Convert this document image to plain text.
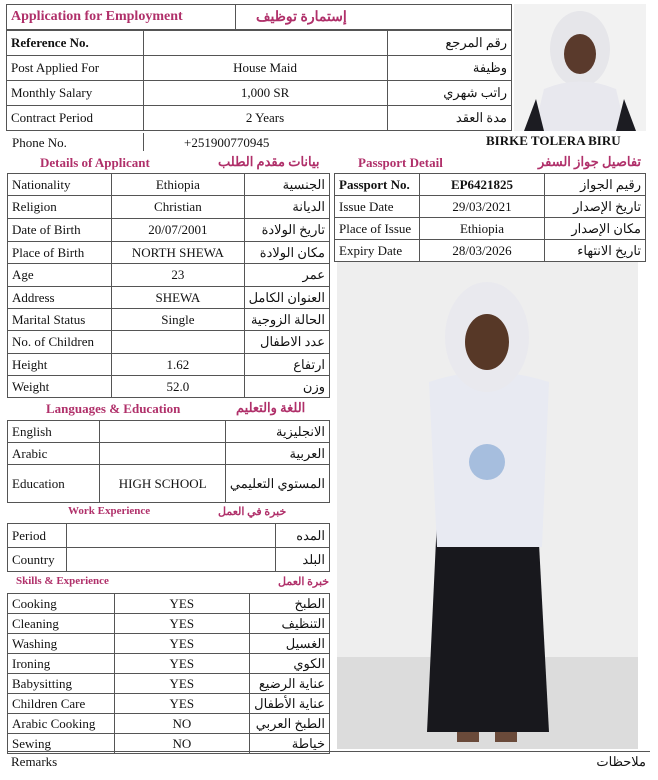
Application for Employment	إستمارة توظيف
Reference No.		رقم المرجع
Post Applied For	House Maid	وظيفة
Monthly Salary	1,000 SR	راتب شهري
Contract Period	2 Years	مدة العقد
Phone No.	+251900770945	BIRKE TOLERA BIRU
Details of Applicant	بيانات مقدم الطلب
Nationality	Ethiopia	الجنسية
Religion	Christian	الديانة
Date of Birth	20/07/2001	تاريخ الولادة
Place of Birth	NORTH SHEWA	مكان الولادة
Age	23	عمر
Address	SHEWA	العنوان الكامل
Marital Status	Single	الحالة الزوجية
No. of Children		عدد الاطفال
Height	1.62	ارتفاع
Weight	52.0	وزن
Languages & Education	اللغة والتعليم
English		الانجليزية
Arabic		العربية
Education	HIGH SCHOOL	المستوي التعليمي
Work Experience	خبرة في العمل
Period		المده
Country		البلد
Skills & Experience	خبرة العمل
Cooking	YES	الطبخ
Cleaning	YES	التنظيف
Washing	YES	الغسيل
Ironing	YES	الكوي
Babysitting	YES	عناية الرضيع
Children Care	YES	عناية الأطفال
Arabic Cooking	NO	الطبخ العربي
Sewing	NO	خياطة
Remarks	ملاحظات
Passport Detail	تفاصيل جواز السفر
Passport No.	EP6421825	رقيم الجواز
Issue Date	29/03/2021	تاريخ الإصدار
Place of Issue	Ethiopia	مكان الإصدار
Expiry Date	28/03/2026	تاريخ الانتهاء
